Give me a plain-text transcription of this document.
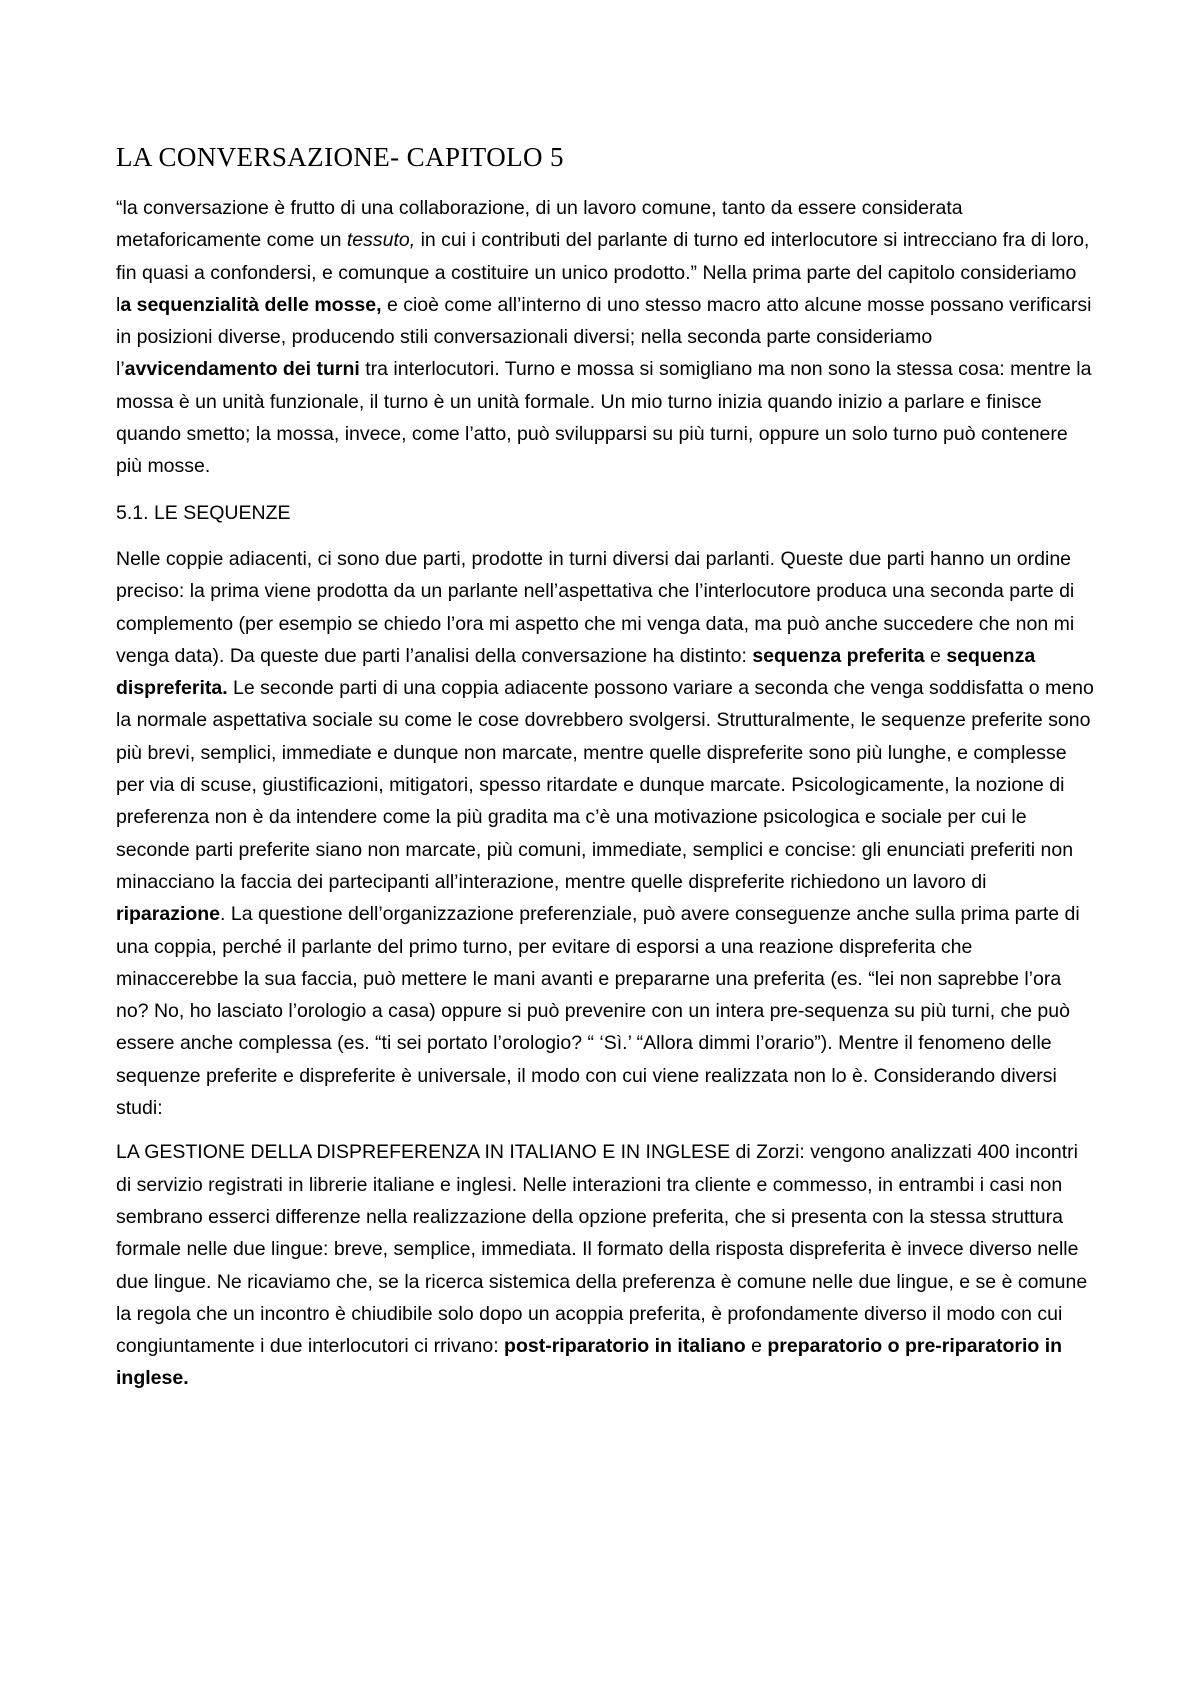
LA CONVERSAZIONE- CAPITOLO 5

“la conversazione è frutto di una collaborazione, di un lavoro comune, tanto da essere considerata metaforicamente come un tessuto, in cui i contributi del parlante di turno ed interlocutore si intrecciano fra di loro, fin quasi a confondersi, e comunque a costituire un unico prodotto.” Nella prima parte del capitolo consideriamo la sequenzialità delle mosse, e cioè come all’interno di uno stesso macro atto alcune mosse possano verificarsi in posizioni diverse, producendo stili conversazionali diversi; nella seconda parte consideriamo l’avvicendamento dei turni tra interlocutori. Turno e mossa si somigliano ma non sono la stessa cosa: mentre la mossa è un unità funzionale, il turno è un unità formale. Un mio turno inizia quando inizio a parlare e finisce quando smetto; la mossa, invece, come l’atto, può svilupparsi su più turni, oppure un solo turno può contenere più mosse.

5.1. LE SEQUENZE

Nelle coppie adiacenti, ci sono due parti, prodotte in turni diversi dai parlanti. Queste due parti hanno un ordine preciso: la prima viene prodotta da un parlante nell’aspettativa che l’interlocutore produca una seconda parte di complemento (per esempio se chiedo l’ora mi aspetto che mi venga data, ma può anche succedere che non mi venga data). Da queste due parti l’analisi della conversazione ha distinto: sequenza preferita e sequenza dispreferita. Le seconde parti di una coppia adiacente possono variare a seconda che venga soddisfatta o meno la normale aspettativa sociale su come le cose dovrebbero svolgersi. Strutturalmente, le sequenze preferite sono più brevi, semplici, immediate e dunque non marcate, mentre quelle dispreferite sono più lunghe, e complesse per via di scuse, giustificazioni, mitigatori, spesso ritardate e dunque marcate. Psicologicamente, la nozione di preferenza non è da intendere come la più gradita ma c’è una motivazione psicologica e sociale per cui le seconde parti preferite siano non marcate, più comuni, immediate, semplici e concise: gli enunciati preferiti non minacciano la faccia dei partecipanti all’interazione, mentre quelle dispreferite richiedono un lavoro di riparazione. La questione dell’organizzazione preferenziale, può avere conseguenze anche sulla prima parte di una coppia, perché il parlante del primo turno, per evitare di esporsi a una reazione dispreferita che minaccerebbe la sua faccia, può mettere le mani avanti e prepararne una preferita (es. “lei non saprebbe l’ora no? No, ho lasciato l’orologio a casa) oppure si può prevenire con un intera pre-sequenza su più turni, che può essere anche complessa (es. “ti sei portato l’orologio? “ ‘Sì.’ “Allora dimmi l’orario”). Mentre il fenomeno delle sequenze preferite e dispreferite è universale, il modo con cui viene realizzata non lo è. Considerando diversi studi:

LA GESTIONE DELLA DISPREFERENZA IN ITALIANO E IN INGLESE di Zorzi: vengono analizzati 400 incontri di servizio registrati in librerie italiane e inglesi. Nelle interazioni tra cliente e commesso, in entrambi i casi non sembrano esserci differenze nella realizzazione della opzione preferita, che si presenta con la stessa struttura formale nelle due lingue: breve, semplice, immediata. Il formato della risposta dispreferita è invece diverso nelle due lingue. Ne ricaviamo che, se la ricerca sistemica della preferenza è comune nelle due lingue, e se è comune la regola che un incontro è chiudibile solo dopo un acoppia preferita, è profondamente diverso il modo con cui congiuntamente i due interlocutori ci rrivano: post-riparatorio in italiano e preparatorio o pre-riparatorio in inglese.
